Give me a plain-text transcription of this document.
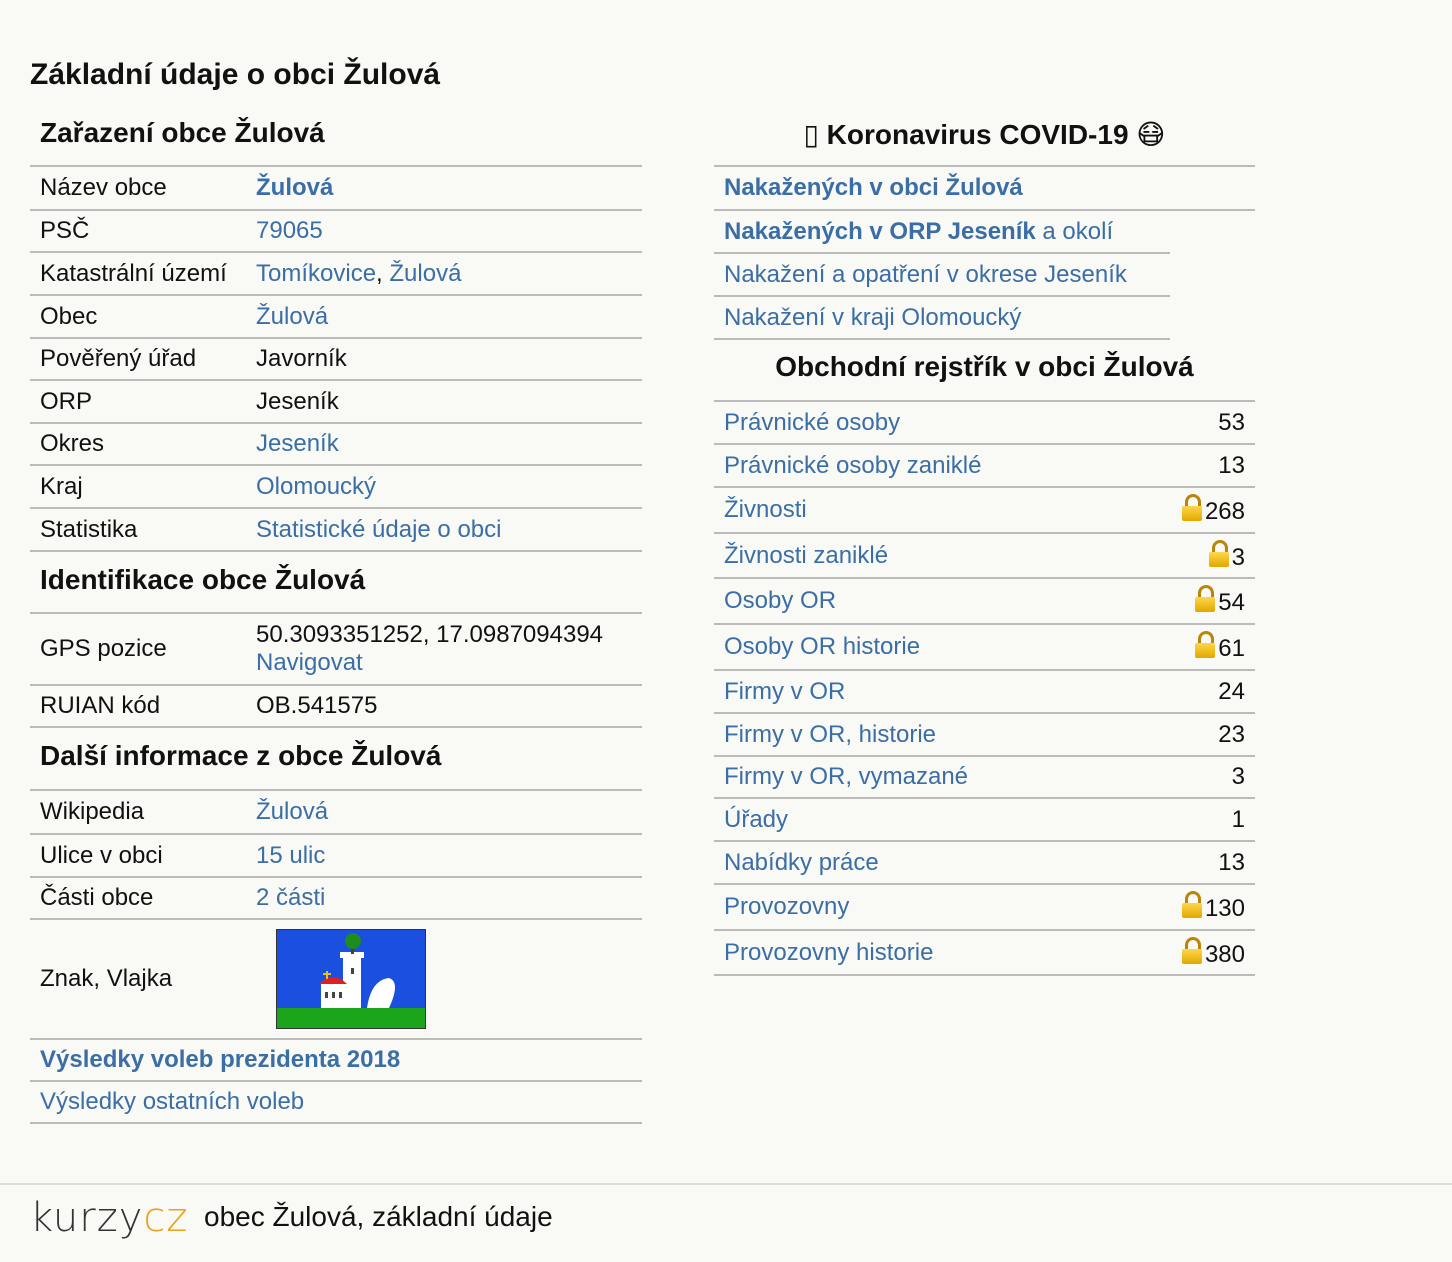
Základní údaje o obci Žulová
Zařazení obce Žulová
Název obce	Žulová
PSČ	79065
Katastrální území	Tomíkovice, Žulová
Obec	Žulová
Pověřený úřad	Javorník
ORP	Jeseník
Okres	Jeseník
Kraj	Olomoucký
Statistika	Statistické údaje o obci
Identifikace obce Žulová
GPS pozice	50.3093351252, 17.0987094394
Navigovat
RUIAN kód	OB.541575
Další informace z obce Žulová
Wikipedia	Žulová
Ulice v obci	15 ulic
Části obce	2 části
Znak, Vlajka	

Výsledky voleb prezidenta 2018	
Výsledky ostatních voleb	
▯ Koronavirus COVID-19 😷
Nakažených v obci Žulová
Nakažených v ORP Jeseník a okolí
Nakažení a opatření v okrese Jeseník
Nakažení v kraji Olomoucký
Obchodní rejstřík v obci Žulová
Právnické osoby	53
Právnické osoby zaniklé	13
Živnosti	268
Živnosti zaniklé	3
Osoby OR	54
Osoby OR historie	61
Firmy v OR	24
Firmy v OR, historie	23
Firmy v OR, vymazané	3
Úřady	1
Nabídky práce	13
Provozovny	130
Provozovny historie	380
kurzycz obec Žulová, základní údaje
